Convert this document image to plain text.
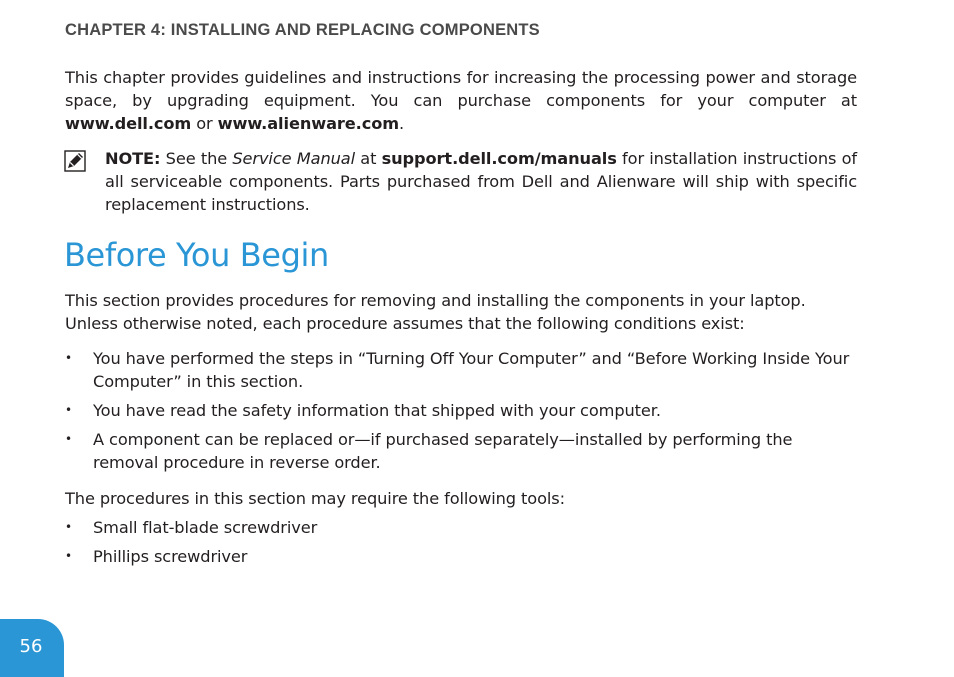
CHAPTER 4: INSTALLING AND REPLACING COMPONENTS

This chapter provides guidelines and instructions for increasing the processing power and storage space, by upgrading equipment. You can purchase components for your computer at www.dell.com or www.alienware.com.

NOTE: See the Service Manual at support.dell.com/manuals for installation instructions of all serviceable components. Parts purchased from Dell and Alienware will ship with specific replacement instructions.
Before You Begin

This section provides procedures for removing and installing the components in your laptop. Unless otherwise noted, each procedure assumes that the following conditions exist:

• You have performed the steps in “Turning Off Your Computer” and “Before Working Inside Your Computer” in this section.
• You have read the safety information that shipped with your computer.
• A component can be replaced or—if purchased separately—installed by performing the removal procedure in reverse order.

The procedures in this section may require the following tools:

• Small flat-blade screwdriver
• Phillips screwdriver
56
